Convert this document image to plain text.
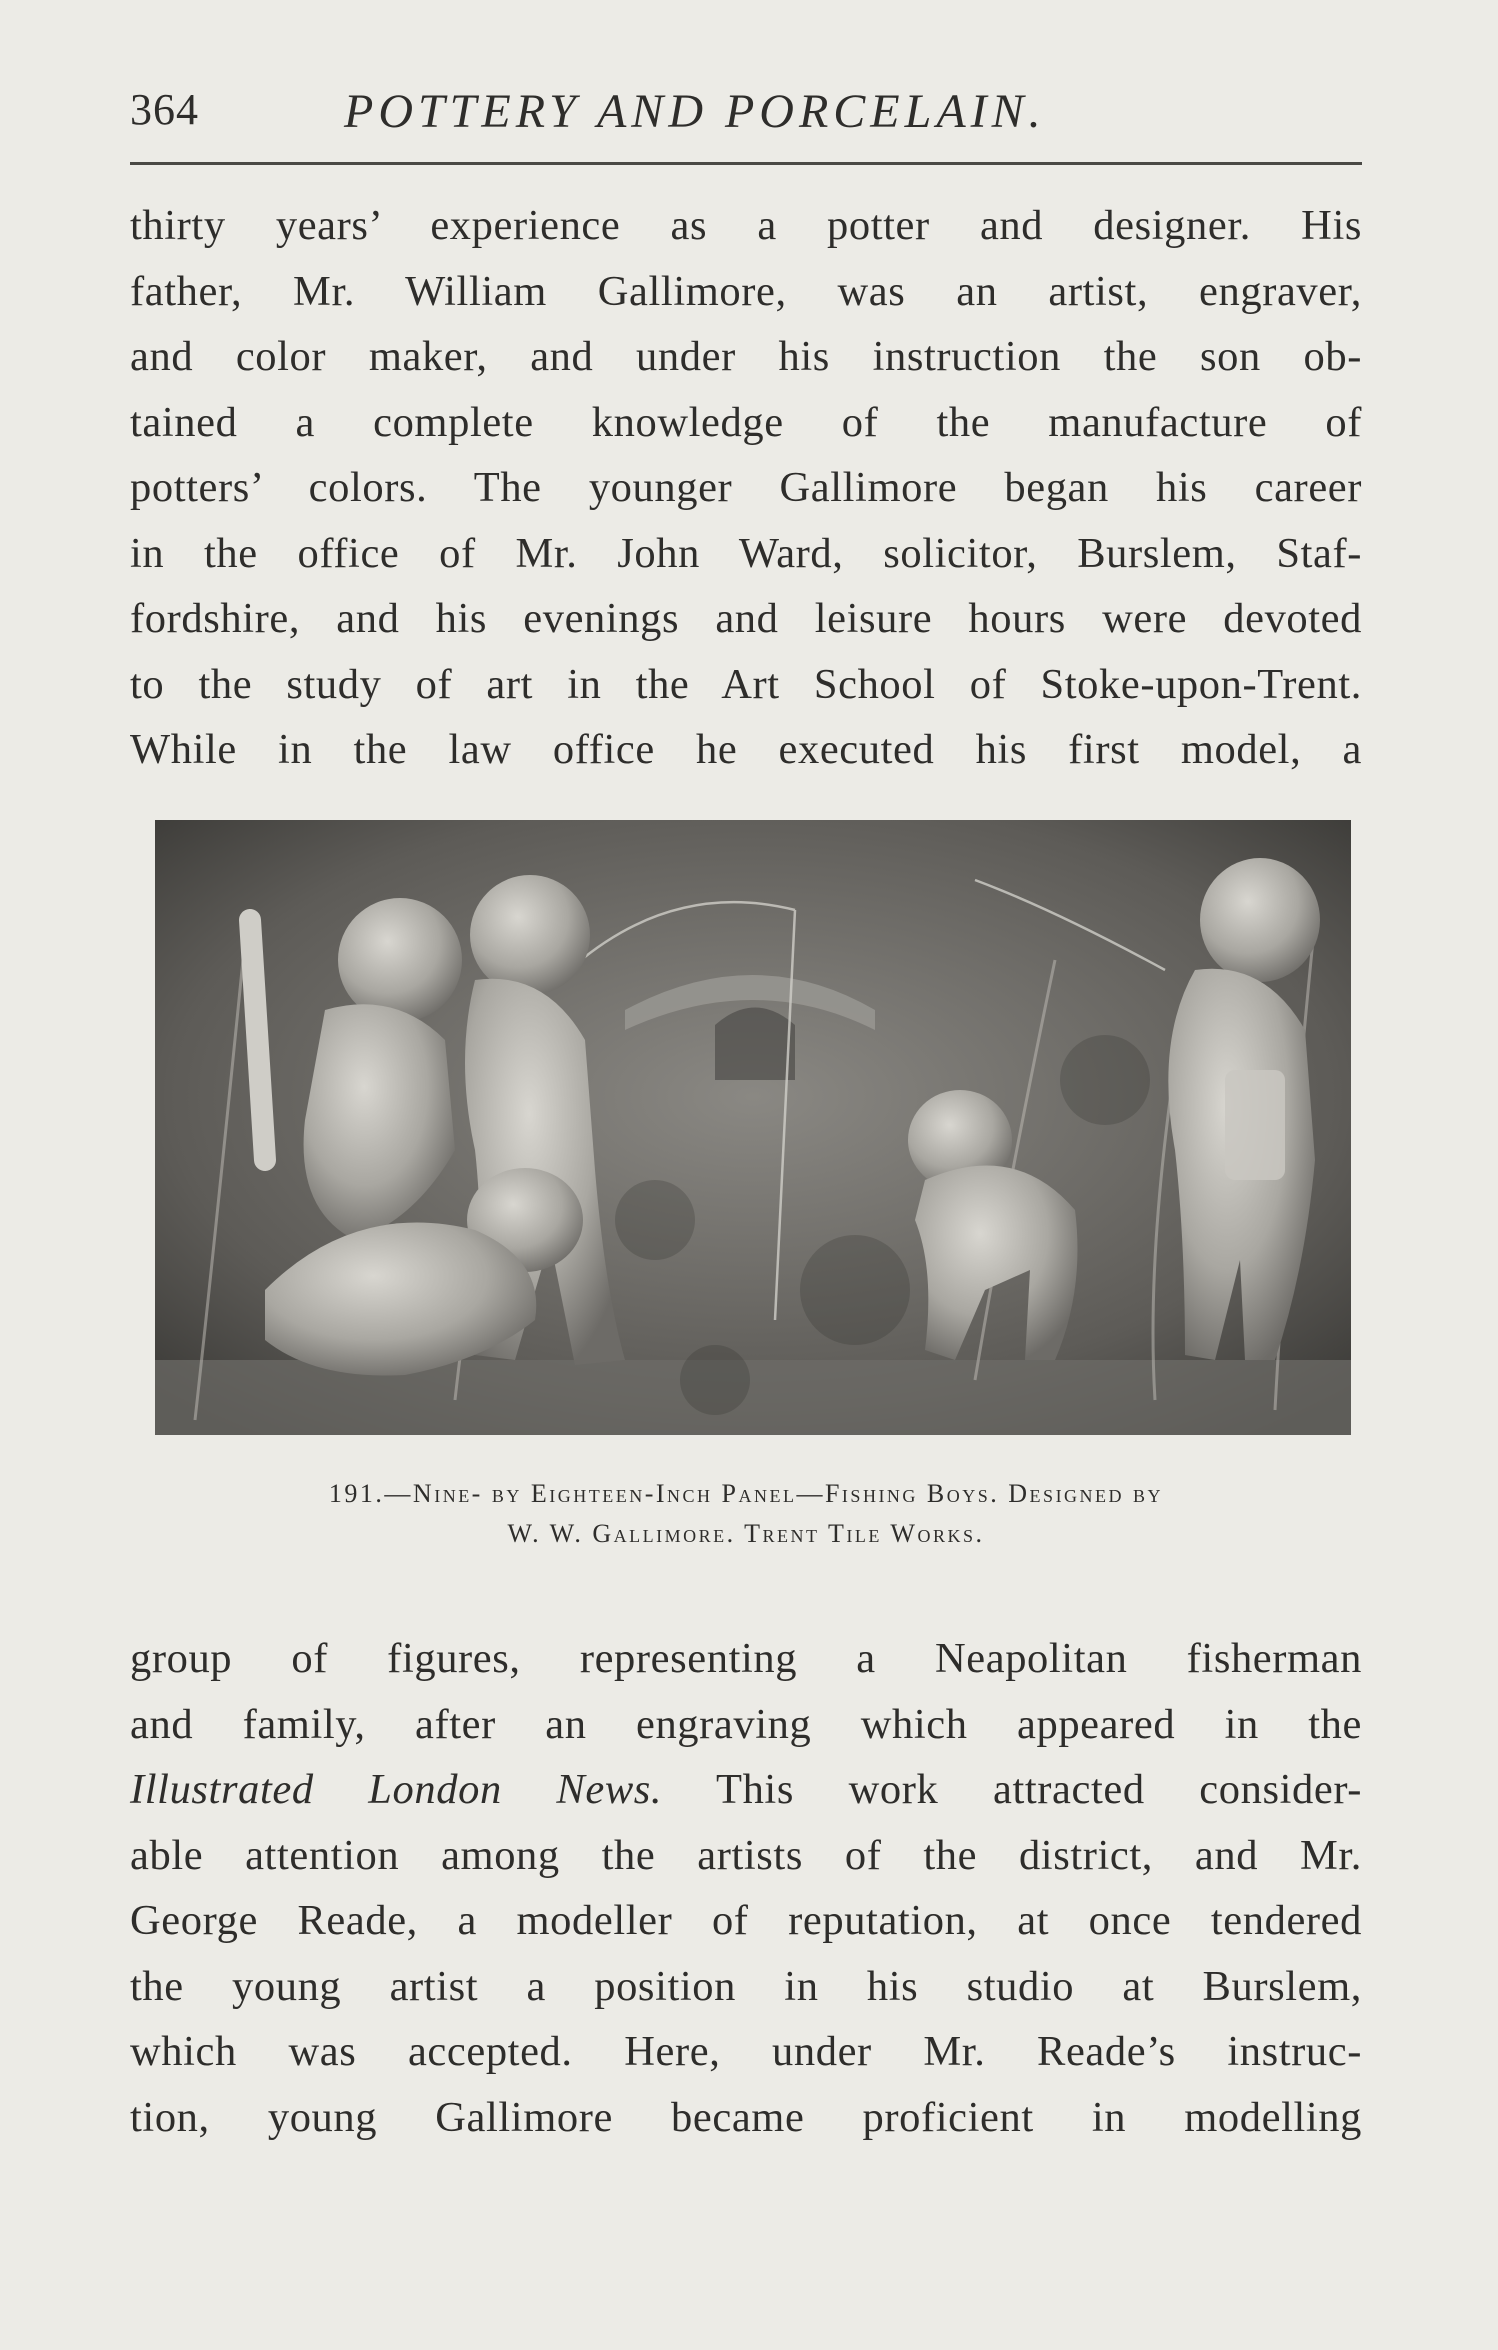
364	POTTERY AND PORCELAIN.
thirty years’ experience as a potter and designer. His
father, Mr. William Gallimore, was an artist, engraver,
and color maker, and under his instruction the son ob-
tained a complete knowledge of the manufacture of
potters’ colors. The younger Gallimore began his career
in the office of Mr. John Ward, solicitor, Burslem, Staf-
fordshire, and his evenings and leisure hours were devoted
to the study of art in the Art School of Stoke-upon-Trent.
While in the law office he executed his first model, a
191.—Nine- by Eighteen-Inch Panel—Fishing Boys. Designed by
W. W. Gallimore. Trent Tile Works.
group of figures, representing a Neapolitan fisherman
and family, after an engraving which appeared in the
Illustrated London News. This work attracted consider-
able attention among the artists of the district, and Mr.
George Reade, a modeller of reputation, at once tendered
the young artist a position in his studio at Burslem,
which was accepted. Here, under Mr. Reade’s instruc-
tion, young Gallimore became proficient in modelling
